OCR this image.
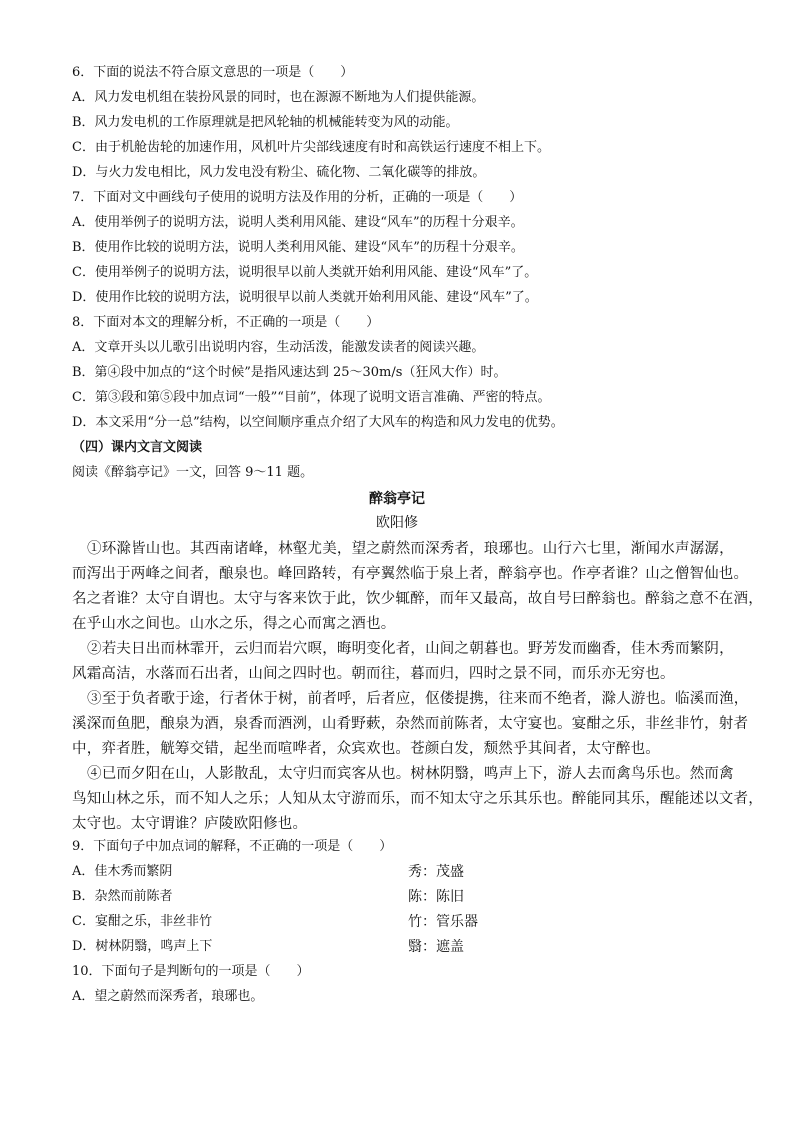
6．下面的说法不符合原文意思的一项是（　　）
A．风力发电机组在装扮风景的同时，也在源源不断地为人们提供能源。
B．风力发电机的工作原理就是把风轮轴的机械能转变为风的动能。
C．由于机舱齿轮的加速作用，风机叶片尖部线速度有时和高铁运行速度不相上下。
D．与火力发电相比，风力发电没有粉尘、硫化物、二氧化碳等的排放。
7．下面对文中画线句子使用的说明方法及作用的分析，正确的一项是（　　）
A．使用举例子的说明方法，说明人类利用风能、建设“风车”的历程十分艰辛。
B．使用作比较的说明方法，说明人类利用风能、建设“风车”的历程十分艰辛。
C．使用举例子的说明方法，说明很早以前人类就开始利用风能、建设“风车”了。
D．使用作比较的说明方法，说明很早以前人类就开始利用风能、建设“风车”了。
8．下面对本文的理解分析，不正确的一项是（　　）
A．文章开头以儿歌引出说明内容，生动活泼，能激发读者的阅读兴趣。
B．第④段中加点的“这个时候”是指风速达到 25～30m/s（狂风大作）时。
C．第③段和第⑤段中加点词“一般”“目前”，体现了说明文语言准确、严密的特点。
D．本文采用“分一总”结构，以空间顺序重点介绍了大风车的构造和风力发电的优势。
（四）课内文言文阅读
阅读《醉翁亭记》一文，回答 9～11 题。
醉翁亭记
欧阳修
①环滁皆山也。其西南诸峰，林壑尤美，望之蔚然而深秀者，琅琊也。山行六七里，渐闻水声潺潺，
而泻出于两峰之间者，酿泉也。峰回路转，有亭翼然临于泉上者，醉翁亭也。作亭者谁？山之僧智仙也。
名之者谁？太守自谓也。太守与客来饮于此，饮少辄醉，而年又最高，故自号曰醉翁也。醉翁之意不在酒，
在乎山水之间也。山水之乐，得之心而寓之酒也。
②若夫日出而林霏开，云归而岩穴暝，晦明变化者，山间之朝暮也。野芳发而幽香，佳木秀而繁阴，
风霜高洁，水落而石出者，山间之四时也。朝而往，暮而归，四时之景不同，而乐亦无穷也。
③至于负者歌于途，行者休于树，前者呼，后者应，伛偻提携，往来而不绝者，滁人游也。临溪而渔，
溪深而鱼肥，酿泉为酒，泉香而酒洌，山肴野蔌，杂然而前陈者，太守宴也。宴酣之乐，非丝非竹，射者
中，弈者胜，觥筹交错，起坐而喧哗者，众宾欢也。苍颜白发，颓然乎其间者，太守醉也。
④已而夕阳在山，人影散乱，太守归而宾客从也。树林阴翳，鸣声上下，游人去而禽鸟乐也。然而禽
鸟知山林之乐，而不知人之乐；人知从太守游而乐，而不知太守之乐其乐也。醉能同其乐，醒能述以文者，
太守也。太守谓谁？庐陵欧阳修也。
9．下面句子中加点词的解释，不正确的一项是（　　）
A．佳木秀而繁阴	秀：茂盛
B．杂然而前陈者	陈：陈旧
C．宴酣之乐，非丝非竹	竹：管乐器
D．树林阴翳，鸣声上下	翳：遮盖
10．下面句子是判断句的一项是（　　）
A．望之蔚然而深秀者，琅琊也。
